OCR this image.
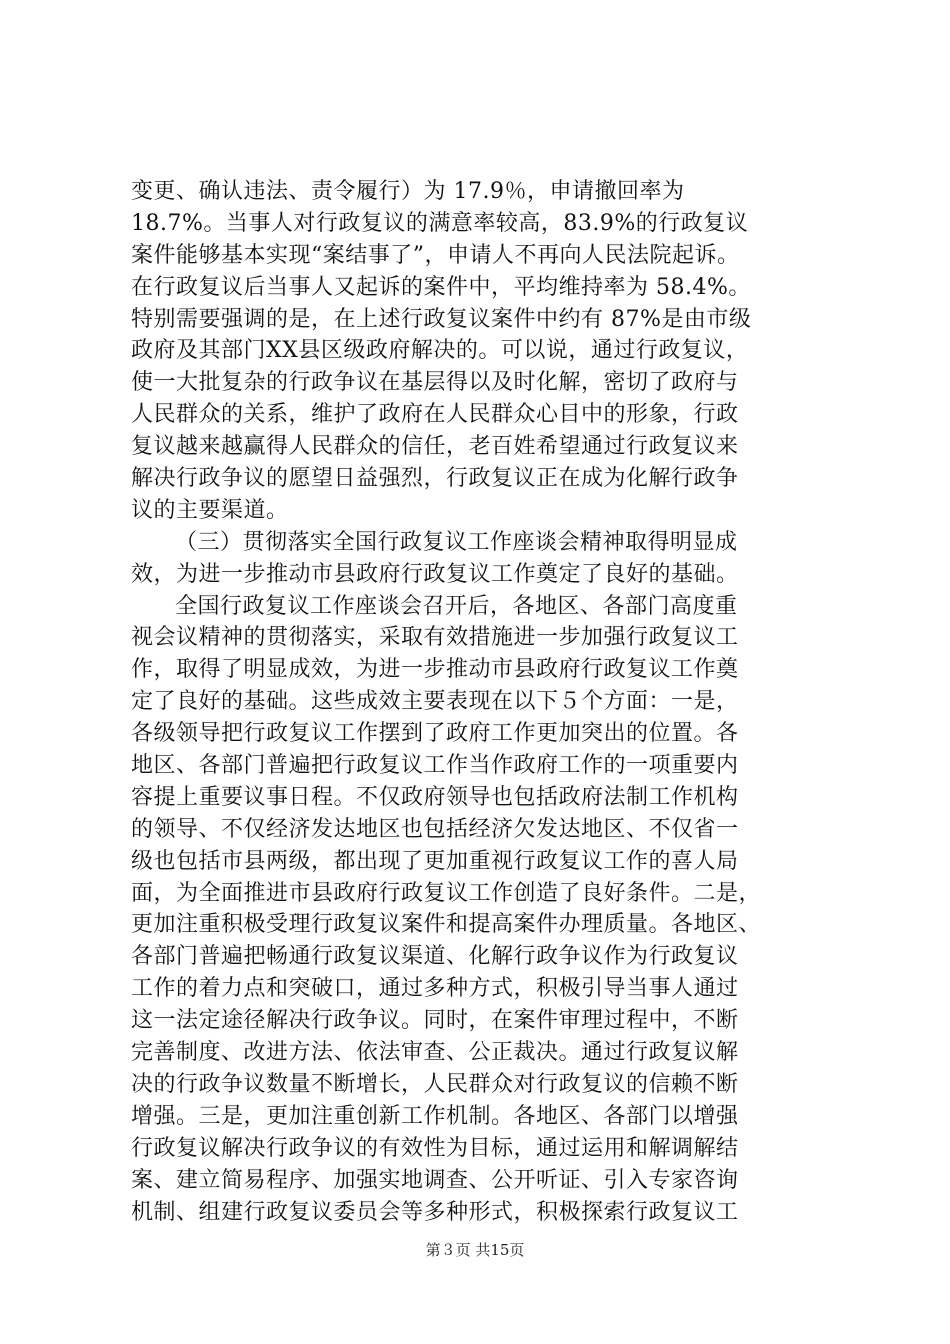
变更、确认违法、责令履行）为 17.9％，申请撤回率为
18.7%。当事人对行政复议的满意率较高，83.9%的行政复议
案件能够基本实现“案结事了”，申请人不再向人民法院起诉。
在行政复议后当事人又起诉的案件中，平均维持率为 58.4%。
特别需要强调的是，在上述行政复议案件中约有 87%是由市级
政府及其部门XX县区级政府解决的。可以说，通过行政复议，
使一大批复杂的行政争议在基层得以及时化解，密切了政府与
人民群众的关系，维护了政府在人民群众心目中的形象，行政
复议越来越赢得人民群众的信任，老百姓希望通过行政复议来
解决行政争议的愿望日益强烈，行政复议正在成为化解行政争
议的主要渠道。
（三）贯彻落实全国行政复议工作座谈会精神取得明显成
效，为进一步推动市县政府行政复议工作奠定了良好的基础。
全国行政复议工作座谈会召开后，各地区、各部门高度重
视会议精神的贯彻落实，采取有效措施进一步加强行政复议工
作，取得了明显成效，为进一步推动市县政府行政复议工作奠
定了良好的基础。这些成效主要表现在以下５个方面：一是，
各级领导把行政复议工作摆到了政府工作更加突出的位置。各
地区、各部门普遍把行政复议工作当作政府工作的一项重要内
容提上重要议事日程。不仅政府领导也包括政府法制工作机构
的领导、不仅经济发达地区也包括经济欠发达地区、不仅省一
级也包括市县两级，都出现了更加重视行政复议工作的喜人局
面，为全面推进市县政府行政复议工作创造了良好条件。二是，
更加注重积极受理行政复议案件和提高案件办理质量。各地区、
各部门普遍把畅通行政复议渠道、化解行政争议作为行政复议
工作的着力点和突破口，通过多种方式，积极引导当事人通过
这一法定途径解决行政争议。同时，在案件审理过程中，不断
完善制度、改进方法、依法审查、公正裁决。通过行政复议解
决的行政争议数量不断增长，人民群众对行政复议的信赖不断
增强。三是，更加注重创新工作机制。各地区、各部门以增强
行政复议解决行政争议的有效性为目标，通过运用和解调解结
案、建立简易程序、加强实地调查、公开听证、引入专家咨询
机制、组建行政复议委员会等多种形式，积极探索行政复议工
第３页 共15页
